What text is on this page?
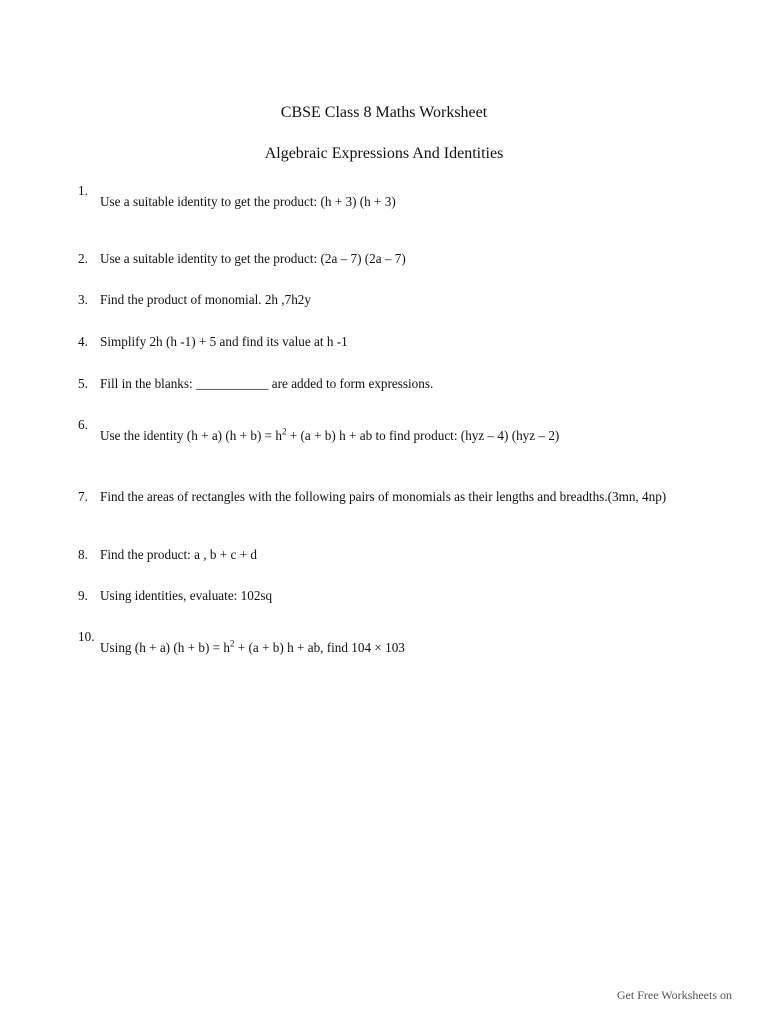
CBSE Class 8 Maths Worksheet
Algebraic Expressions And Identities
1.
Use a suitable identity to get the product: (h + 3) (h + 3)
2. Use a suitable identity to get the product: (2a – 7) (2a – 7)
3. Find the product of monomial. 2h ,7h2y
4. Simplify 2h (h -1) + 5 and find its value at h -1
5. Fill in the blanks: ___________ are added to form expressions.
6.
Use the identity (h + a) $(h + b) = h^2 + (a + b) h$ + ab to find product: (hyz – 4) (hyz – 2)
7. Find the areas of rectangles with the following pairs of monomials as their lengths and breadths.(3mn, 4np)
8. Find the product: a , b + c + d
9. Using identities, evaluate: 102sq
10.
Using (h + a) $(h + b) = h^2 + (a + b) h$ + ab, find 104 × 103
Get Free Worksheets on
